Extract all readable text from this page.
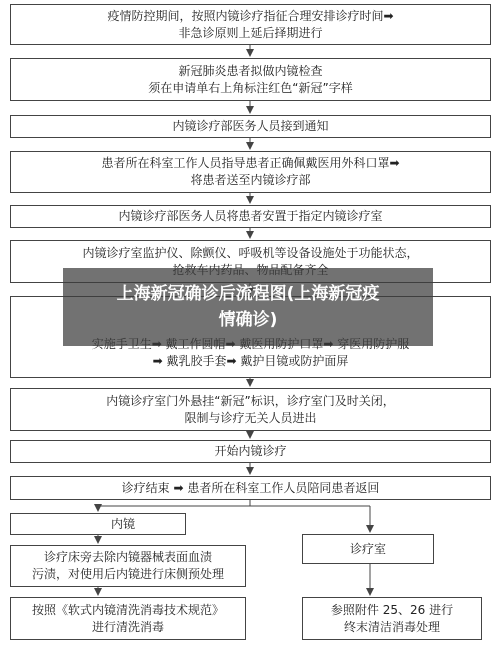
疫情防控期间，按照内镜诊疗指征合理安排诊疗时间➡
非急诊原则上延后择期进行
新冠肺炎患者拟做内镜检查
须在申请单右上角标注红色“新冠”字样
内镜诊疗部医务人员接到通知
患者所在科室工作人员指导患者正确佩戴医用外科口罩➡
将患者送至内镜诊疗部
内镜诊疗部医务人员将患者安置于指定内镜诊疗室
内镜诊疗室监护仪、除颤仪、呼吸机等设备设施处于功能状态，
➡ 戴乳胶手套➡ 戴护目镜或防护面屏
内镜诊疗室门外悬挂“新冠”标识，诊疗室门及时关闭，
限制与诊疗无关人员进出
开始内镜诊疗
诊疗结束 ➡ 患者所在科室工作人员陪同患者返回
内镜
诊疗床旁去除内镜器械表面血渍
污渍，对使用后内镜进行床侧预处理
按照《软式内镜清洗消毒技术规范》
进行清洗消毒
诊疗室
参照附件 25、26 进行
终末清洁消毒处理
上海新冠确诊后流程图(上海新冠疫
情确诊)
